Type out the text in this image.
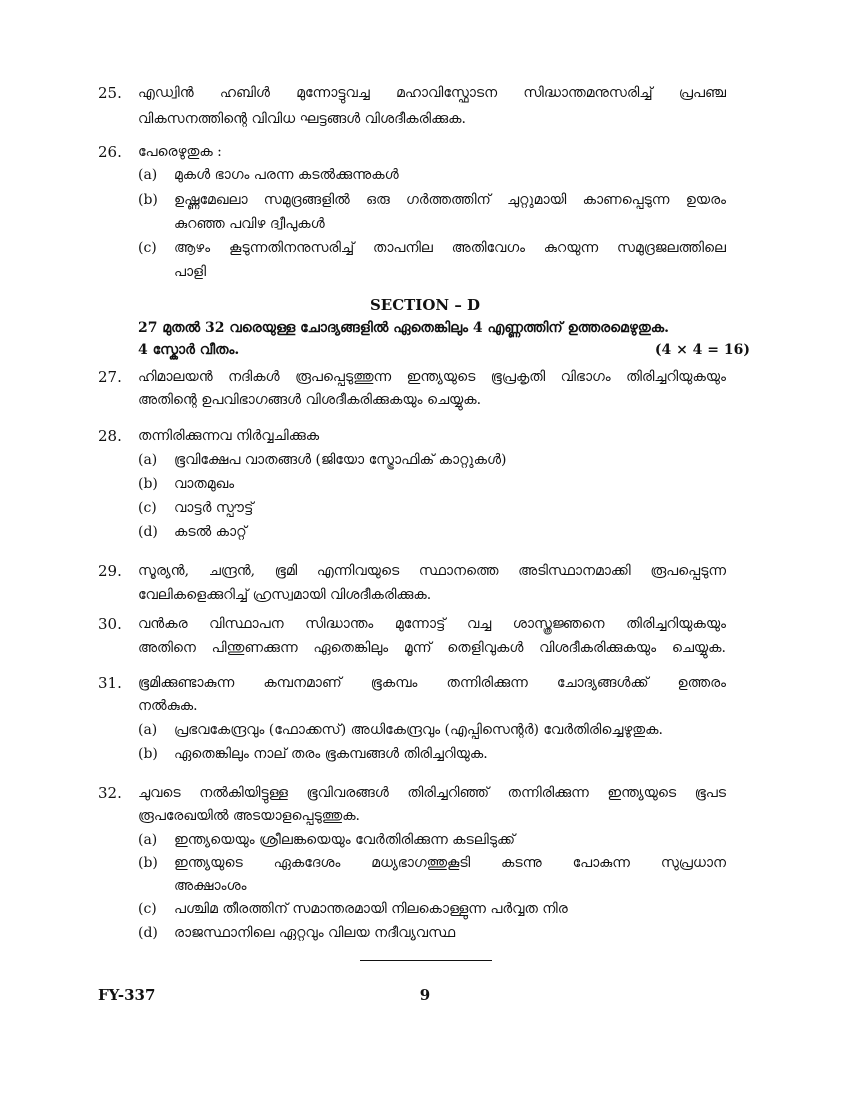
25. എഡ്വിൻ ഹബിൾ മുന്നോട്ടുവച്ച മഹാവിസ്ഫോടന സിദ്ധാന്തമനുസരിച്ച് പ്രപഞ്ച
വികസനത്തിന്റെ വിവിധ ഘട്ടങ്ങൾ വിശദീകരിക്കുക.
26. പേരെഴുതുക :
(a) മുകൾ ഭാഗം പരന്ന കടൽക്കുന്നുകൾ
(b) ഉഷ്ണമേഖലാ സമുദ്രങ്ങളിൽ ഒരു ഗർത്തത്തിന് ചുറ്റുമായി കാണപ്പെടുന്ന ഉയരം
കുറഞ്ഞ പവിഴ ദ്വീപുകൾ
(c) ആഴം കൂടുന്നതിനനുസരിച്ച് താപനില അതിവേഗം കുറയുന്ന സമുദ്രജലത്തിലെ
പാളി
SECTION – D
27 മുതൽ 32 വരെയുള്ള ചോദ്യങ്ങളിൽ ഏതെങ്കിലും 4 എണ്ണത്തിന് ഉത്തരമെഴുതുക.
4 സ്കോർ വീതം.	(4 × 4 = 16)
27. ഹിമാലയൻ നദികൾ രൂപപ്പെടുത്തുന്ന ഇന്ത്യയുടെ ഭൂപ്രകൃതി വിഭാഗം തിരിച്ചറിയുകയും
അതിന്റെ ഉപവിഭാഗങ്ങൾ വിശദീകരിക്കുകയും ചെയ്യുക.
28. തന്നിരിക്കുന്നവ നിർവ്വചിക്കുക
(a) ഭൂവിക്ഷേപ വാതങ്ങൾ (ജിയോ സ്ട്രോഫിക് കാറ്റുകൾ)
(b) വാതമുഖം
(c) വാട്ടർ സ്പൗട്ട്
(d) കടൽ കാറ്റ്
29. സൂര്യൻ, ചന്ദ്രൻ, ഭൂമി എന്നിവയുടെ സ്ഥാനത്തെ അടിസ്ഥാനമാക്കി രൂപപ്പെടുന്ന
വേലികളെക്കുറിച്ച് ഹ്രസ്വമായി വിശദീകരിക്കുക.
30. വൻകര വിസ്ഥാപന സിദ്ധാന്തം മുന്നോട്ട് വച്ച ശാസ്ത്രജ്ഞനെ തിരിച്ചറിയുകയും
അതിനെ പിന്തുണക്കുന്ന ഏതെങ്കിലും മൂന്ന് തെളിവുകൾ വിശദീകരിക്കുകയും ചെയ്യുക.
31. ഭൂമിക്കുണ്ടാകുന്ന കമ്പനമാണ് ഭൂകമ്പം തന്നിരിക്കുന്ന ചോദ്യങ്ങൾക്ക് ഉത്തരം
നൽകുക.
(a) പ്രഭവകേന്ദ്രവും (ഫോക്കസ്) അധികേന്ദ്രവും (എപ്പിസെന്റർ) വേർതിരിച്ചെഴുതുക.
(b) ഏതെങ്കിലും നാല് തരം ഭൂകമ്പങ്ങൾ തിരിച്ചറിയുക.
32. ചുവടെ നൽകിയിട്ടുള്ള ഭൂവിവരങ്ങൾ തിരിച്ചറിഞ്ഞ് തന്നിരിക്കുന്ന ഇന്ത്യയുടെ ഭൂപട
രൂപരേഖയിൽ അടയാളപ്പെടുത്തുക.
(a) ഇന്ത്യയെയും ശ്രീലങ്കയെയും വേർതിരിക്കുന്ന കടലിടുക്ക്
(b) ഇന്ത്യയുടെ ഏകദേശം മധ്യഭാഗത്തുകൂടി കടന്നു പോകുന്ന സുപ്രധാന
അക്ഷാംശം
(c) പശ്ചിമ തീരത്തിന് സമാന്തരമായി നിലകൊള്ളുന്ന പർവ്വത നിര
(d) രാജസ്ഥാനിലെ ഏറ്റവും വിലയ നദീവ്യവസ്ഥ
FY-337	9
